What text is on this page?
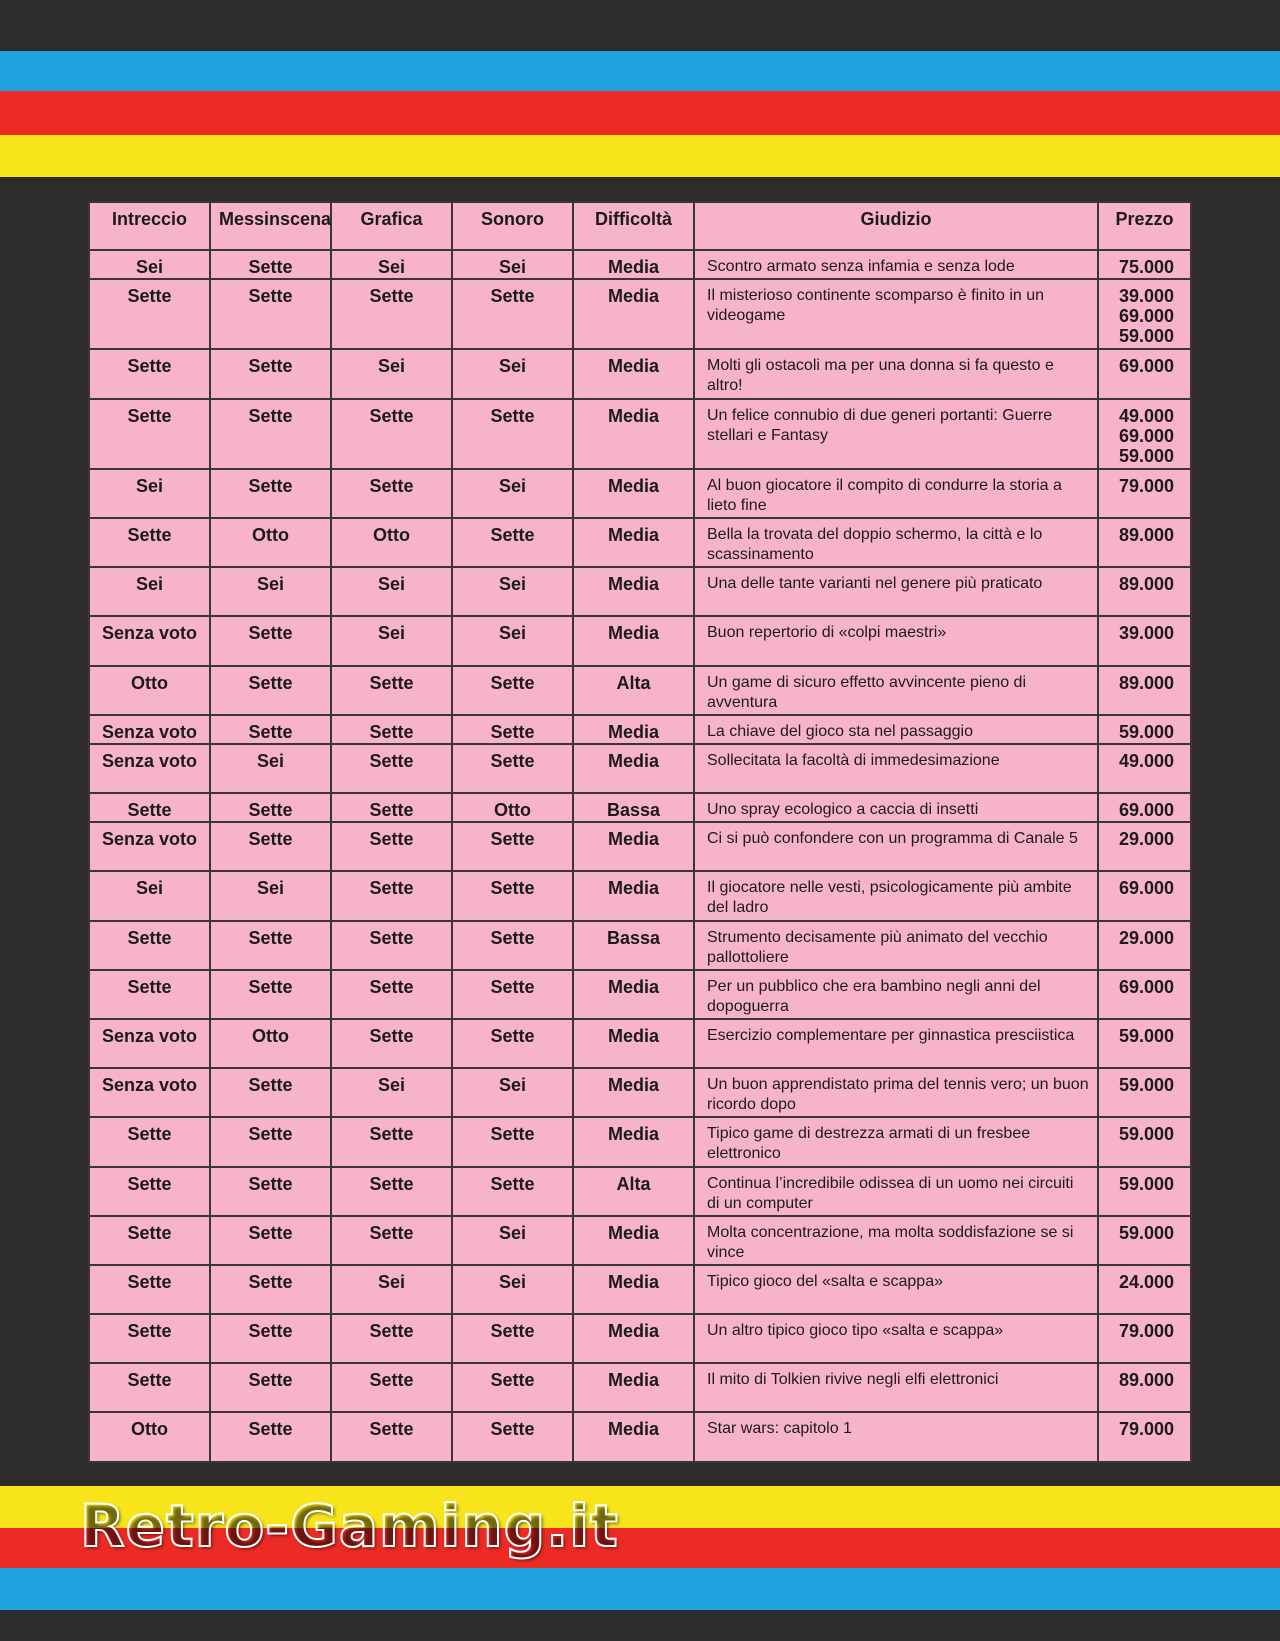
Intreccio	Messinscena	Grafica	Sonoro	Difficoltà	Giudizio	Prezzo
Sei	Sette	Sei	Sei	Media	Scontro armato senza infamia e senza lode	75.000

Sette	Sette	Sette	Sette	Media	Il misterioso continente scomparso è finito in un videogame	39.000
69.000
59.000

Sette	Sette	Sei	Sei	Media	Molti gli ostacoli ma per una donna si fa questo e altro!	69.000

Sette	Sette	Sette	Sette	Media	Un felice connubio di due generi portanti: Guerre stellari e Fantasy	49.000
69.000
59.000

Sei	Sette	Sette	Sei	Media	Al buon giocatore il compito di condurre la storia a lieto fine	79.000

Sette	Otto	Otto	Sette	Media	Bella la trovata del doppio schermo, la città e lo scassinamento	89.000

Sei	Sei	Sei	Sei	Media	Una delle tante varianti nel genere più praticato	89.000

Senza voto	Sette	Sei	Sei	Media	Buon repertorio di «colpi maestri»	39.000

Otto	Sette	Sette	Sette	Alta	Un game di sicuro effetto avvincente pieno di avventura	89.000

Senza voto	Sette	Sette	Sette	Media	La chiave del gioco sta nel passaggio	59.000

Senza voto	Sei	Sette	Sette	Media	Sollecitata la facoltà di immedesimazione	49.000

Sette	Sette	Sette	Otto	Bassa	Uno spray ecologico a caccia di insetti	69.000

Senza voto	Sette	Sette	Sette	Media	Ci si può confondere con un programma di Canale 5	29.000

Sei	Sei	Sette	Sette	Media	Il giocatore nelle vesti, psicologicamente più ambite del ladro	69.000

Sette	Sette	Sette	Sette	Bassa	Strumento decisamente più animato del vecchio pallottoliere	29.000

Sette	Sette	Sette	Sette	Media	Per un pubblico che era bambino negli anni del dopoguerra	69.000

Senza voto	Otto	Sette	Sette	Media	Esercizio complementare per ginnastica presciistica	59.000

Senza voto	Sette	Sei	Sei	Media	Un buon apprendistato prima del tennis vero; un buon ricordo dopo	59.000

Sette	Sette	Sette	Sette	Media	Tipico game di destrezza armati di un fresbee elettronico	59.000

Sette	Sette	Sette	Sette	Alta	Continua l’incredibile odissea di un uomo nei circuiti di un computer	59.000

Sette	Sette	Sette	Sei	Media	Molta concentrazione, ma molta soddisfazione se si vince	59.000

Sette	Sette	Sei	Sei	Media	Tipico gioco del «salta e scappa»	24.000

Sette	Sette	Sette	Sette	Media	Un altro tipico gioco tipo «salta e scappa»	79.000

Sette	Sette	Sette	Sette	Media	Il mito di Tolkien rivive negli elfi elettronici	89.000

Otto	Sette	Sette	Sette	Media	Star wars: capitolo 1	79.000
Retro-Gaming.it
